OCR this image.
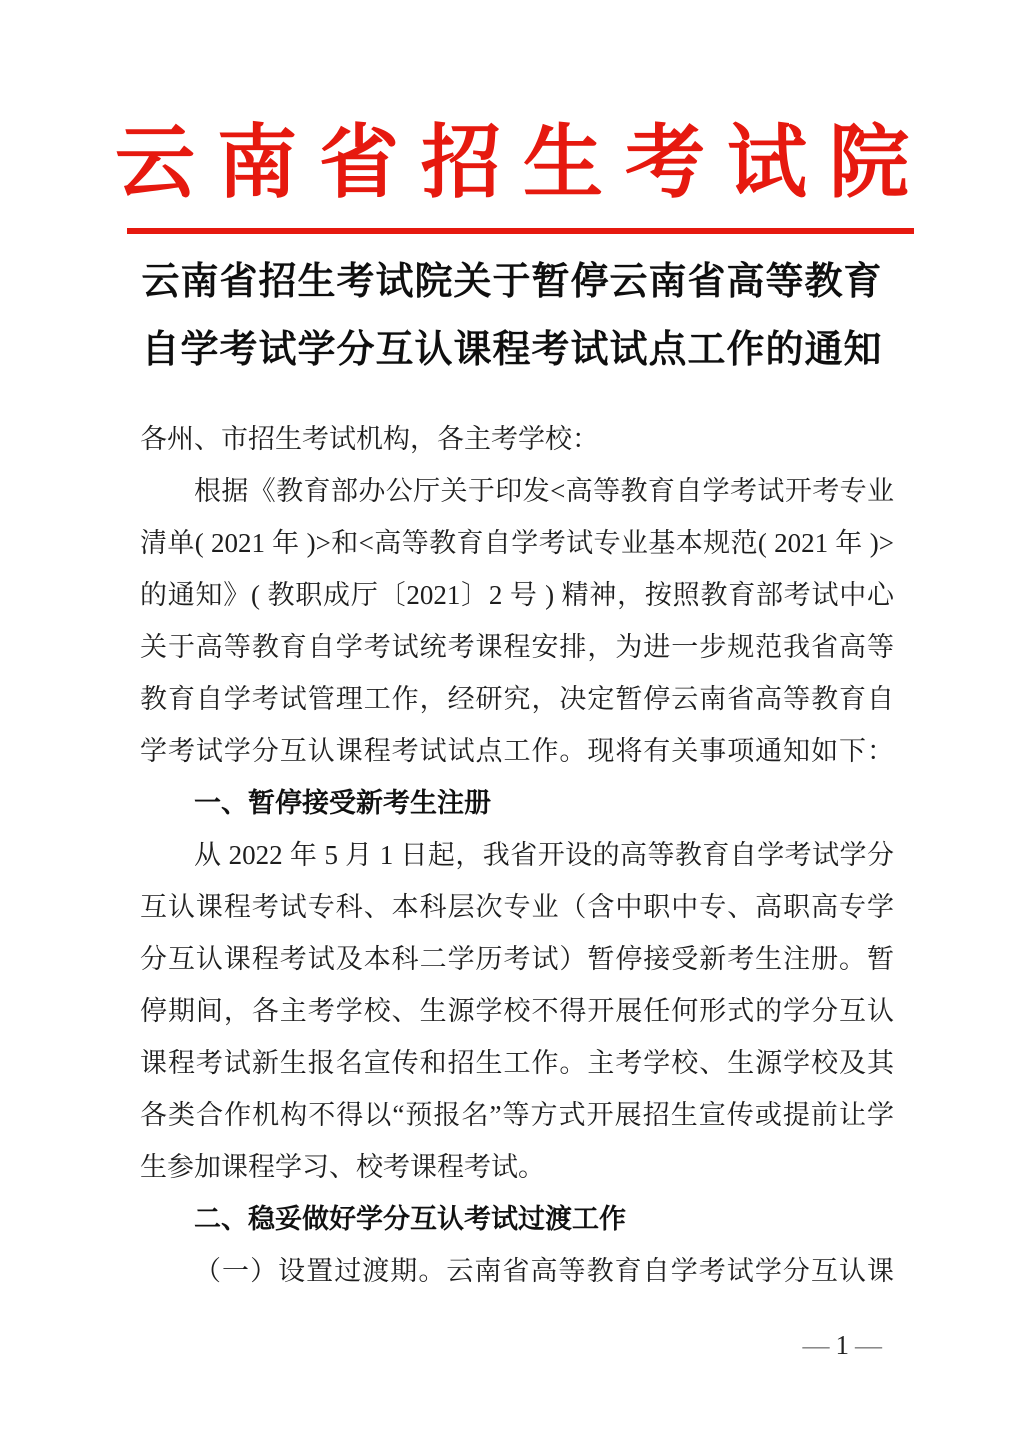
云南省招生考试院
云南省招生考试院关于暂停云南省高等教育
自学考试学分互认课程考试试点工作的通知
各州、市招生考试机构，各主考学校：
根据《教育部办公厅关于印发<高等教育自学考试开考专业
清单( 2021 年 )>和<高等教育自学考试专业基本规范( 2021 年 )>
的通知》( 教职成厅〔2021〕2 号 ) 精神，按照教育部考试中心
关于高等教育自学考试统考课程安排，为进一步规范我省高等
教育自学考试管理工作，经研究，决定暂停云南省高等教育自
学考试学分互认课程考试试点工作。现将有关事项通知如下：
一、暂停接受新考生注册
从 2022 年 5 月 1 日起，我省开设的高等教育自学考试学分
互认课程考试专科、本科层次专业（含中职中专、高职高专学
分互认课程考试及本科二学历考试）暂停接受新考生注册。暂
停期间，各主考学校、生源学校不得开展任何形式的学分互认
课程考试新生报名宣传和招生工作。主考学校、生源学校及其
各类合作机构不得以“预报名”等方式开展招生宣传或提前让学
生参加课程学习、校考课程考试。
二、稳妥做好学分互认考试过渡工作
（一）设置过渡期。云南省高等教育自学考试学分互认课
— 1 —
